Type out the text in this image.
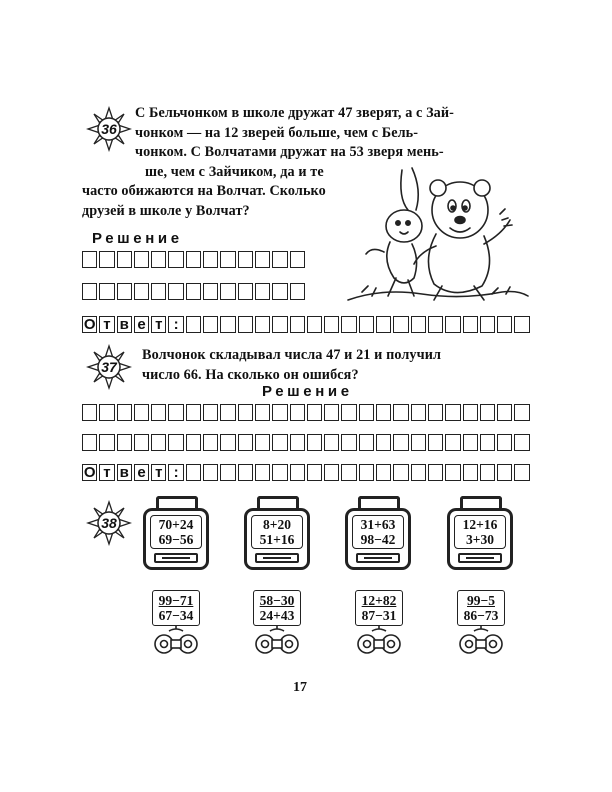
36
С Бельчонком в школе дружат 47 зверят, а с Зай-
чонком — на 12 зверей больше, чем с Бель-
чонком. С Волчатами дружат на 53 зверя мень-
ше, чем с Зайчиком, да и те
часто обижаются на Волчат. Сколько
друзей в школе у Волчат?
Решение
О т в е т :
37
Волчонок складывал числа 47 и 21 и получил
число 66. На сколько он ошибся?
Решение
О т в е т :
38	70+24
69−56
8+20
51+16
31+63
98−42
12+16
3+30
99−71
67−34
58−30
24+43
12+82
87−31
99−5
86−73
17
